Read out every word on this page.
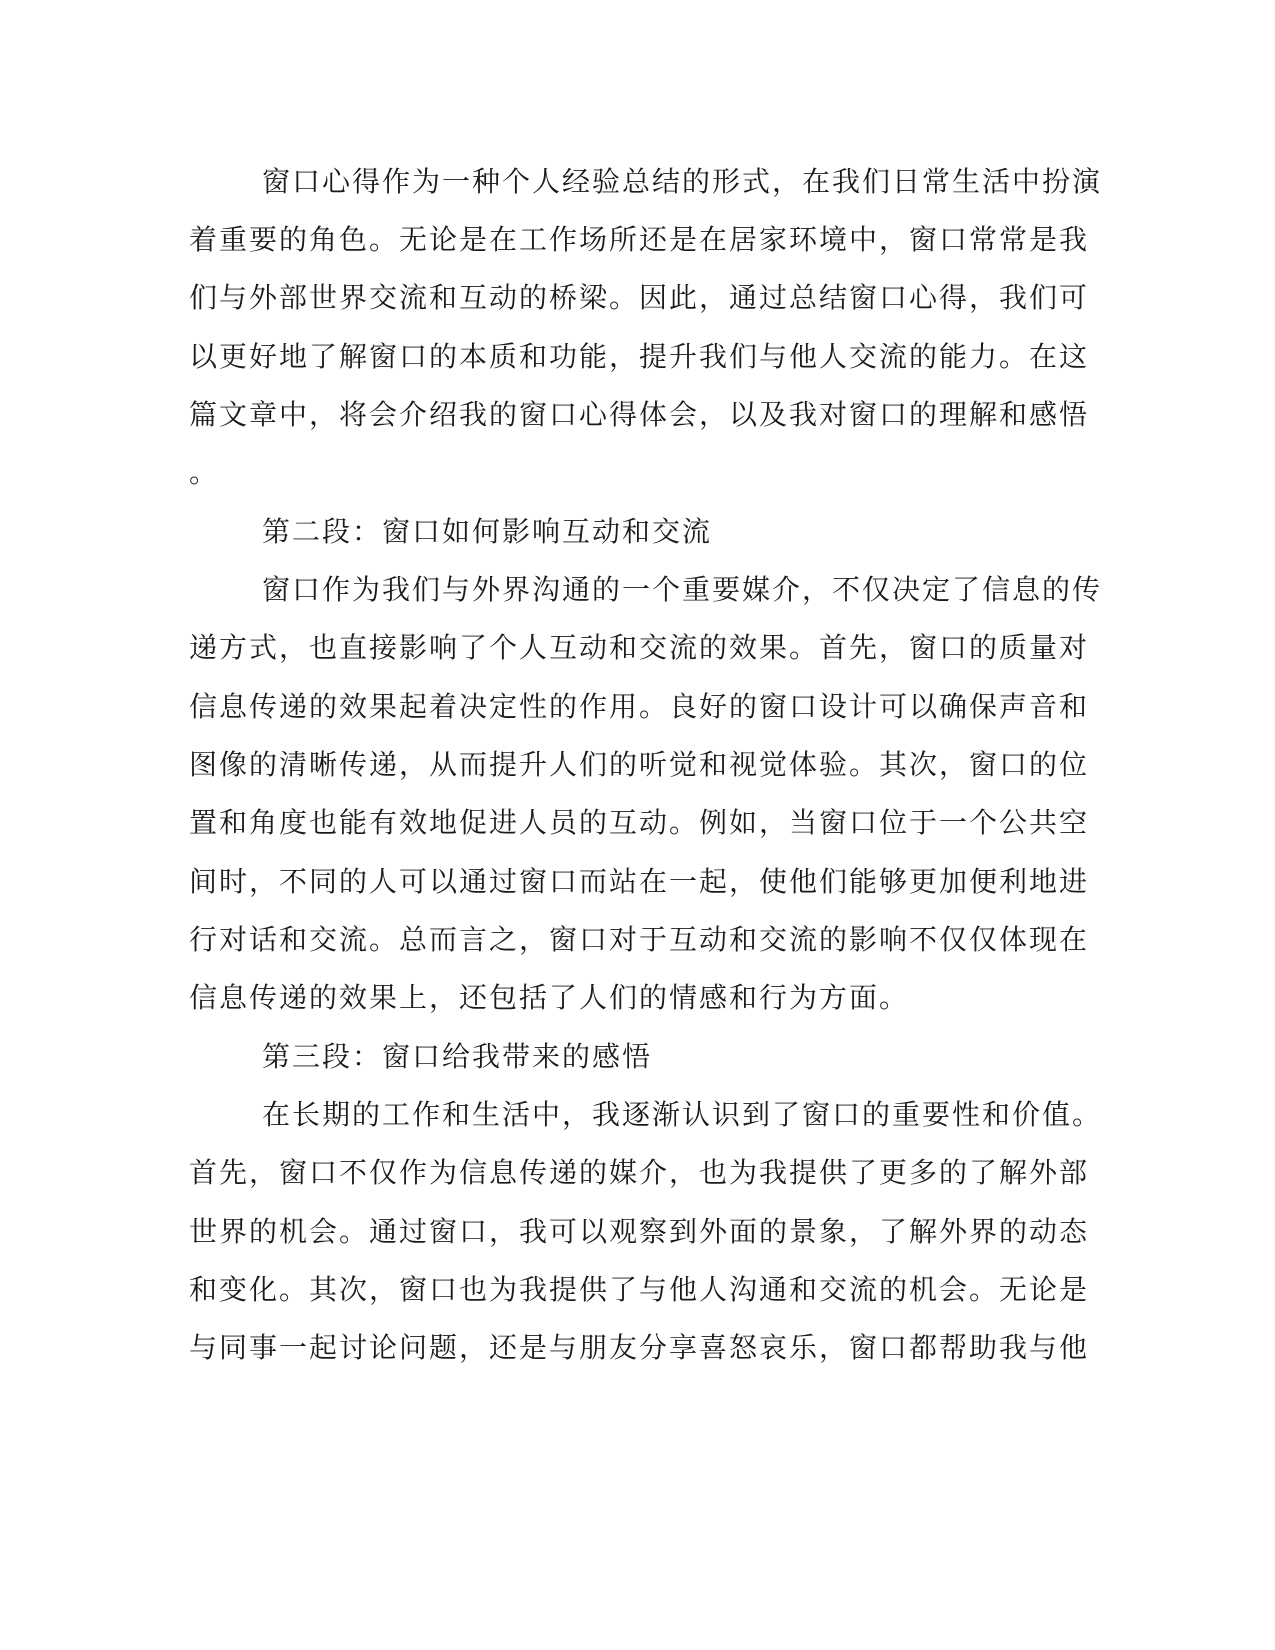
窗口心得作为一种个人经验总结的形式，在我们日常生活中扮演
着重要的角色。无论是在工作场所还是在居家环境中，窗口常常是我
们与外部世界交流和互动的桥梁。因此，通过总结窗口心得，我们可
以更好地了解窗口的本质和功能，提升我们与他人交流的能力。在这
篇文章中，将会介绍我的窗口心得体会，以及我对窗口的理解和感悟
。
第二段：窗口如何影响互动和交流
窗口作为我们与外界沟通的一个重要媒介，不仅决定了信息的传
递方式，也直接影响了个人互动和交流的效果。首先，窗口的质量对
信息传递的效果起着决定性的作用。良好的窗口设计可以确保声音和
图像的清晰传递，从而提升人们的听觉和视觉体验。其次，窗口的位
置和角度也能有效地促进人员的互动。例如，当窗口位于一个公共空
间时，不同的人可以通过窗口而站在一起，使他们能够更加便利地进
行对话和交流。总而言之，窗口对于互动和交流的影响不仅仅体现在
信息传递的效果上，还包括了人们的情感和行为方面。
第三段：窗口给我带来的感悟
在长期的工作和生活中，我逐渐认识到了窗口的重要性和价值。
首先，窗口不仅作为信息传递的媒介，也为我提供了更多的了解外部
世界的机会。通过窗口，我可以观察到外面的景象，了解外界的动态
和变化。其次，窗口也为我提供了与他人沟通和交流的机会。无论是
与同事一起讨论问题，还是与朋友分享喜怒哀乐，窗口都帮助我与他
